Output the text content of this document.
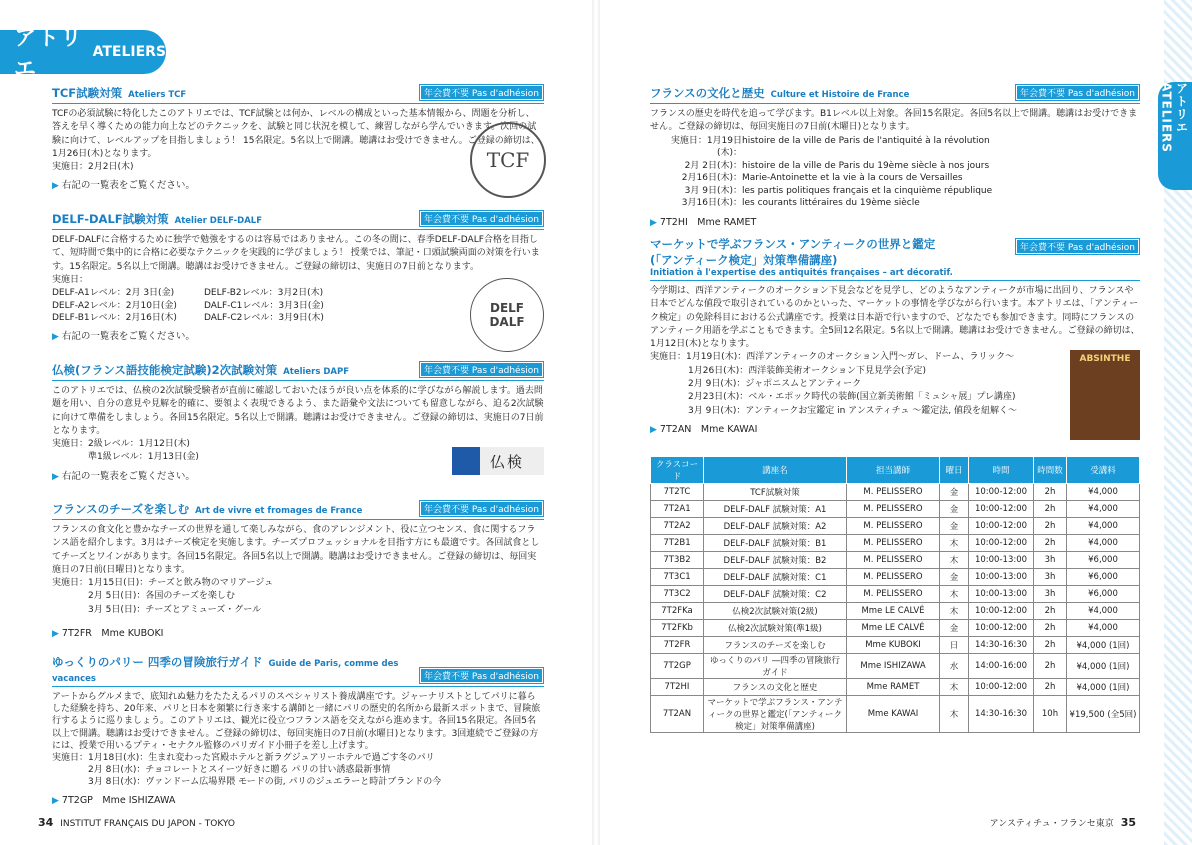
アトリエ
ATELIERS
TCF試験対策 Ateliers TCF	年会費不要 Pas d'adhésion
TCFの必須試験に特化したこのアトリエでは、TCF試験とは何か、レベルの構成といった基本情報から、問題を分析し、答えを早く導くための能力向上などのテクニックを、試験と同じ状況を模して、練習しながら学んでいきます。次回の試験に向けて、レベルアップを目指しましょう！ 15名限定。5名以上で開講。聴講はお受けできません。ご登録の締切は、1月26日(木)となります。
実施日：2月2日(木)
▶ 右記の一覧表をご覧ください。
TCF
DELF-DALF試験対策 Atelier DELF-DALF	年会費不要 Pas d'adhésion
DELF-DALFに合格するために独学で勉強をするのは容易ではありません。この冬の間に、春季DELF-DALF合格を目指して、短時間で集中的に合格に必要なテクニックを実践的に学びましょう！ 授業では、筆記・口頭試験両面の対策を行います。15名限定。5名以上で開講。聴講はお受けできません。ご登録の締切は、実施日の7日前となります。
実施日：
DELF-A1レベル：2月 3日(金)	DELF-B2レベル：3月2日(木)
DELF-A2レベル：2月10日(金)	DALF-C1レベル：3月3日(金)
DELF-B1レベル：2月16日(木)	DALF-C2レベル：3月9日(木)
▶ 右記の一覧表をご覧ください。
DELF DALF
仏検(フランス語技能検定試験)2次試験対策 Ateliers DAPF	年会費不要 Pas d'adhésion
このアトリエでは、仏検の2次試験受験者が直前に確認しておいたほうが良い点を体系的に学びながら解説します。過去問題を用い、自分の意見や見解を的確に、要領よく表現できるよう、また語彙や文法についても留意しながら、迫る2次試験に向けて準備をしましょう。各回15名限定。5名以上で開講。聴講はお受けできません。ご登録の締切は、実施日の7日前となります。
実施日：2級レベル：1月12日(木)
準1級レベル：1月13日(金)
▶ 右記の一覧表をご覧ください。
仏検
フランスのチーズを楽しむ Art de vivre et fromages de France	年会費不要 Pas d'adhésion
フランスの食文化と豊かなチーズの世界を通して楽しみながら、食のアレンジメント、役に立つセンス、食に関するフランス語を紹介します。3月はチーズ検定を実施します。チーズプロフェッショナルを目指す方にも最適です。各回試食としてチーズとワインがあります。各回15名限定。各回5名以上で開講。聴講はお受けできません。ご登録の締切は、毎回実施日の7日前(日曜日)となります。
実施日：1月15日(日)：チーズと飲み物のマリアージュ
2月 5日(日)：各国のチーズを楽しむ
3月 5日(日)：チーズとアミューズ・グール
▶ 7T2FR　Mme KUBOKI
ゆっくりのパリー 四季の冒険旅行ガイド Guide de Paris, comme des vacances	年会費不要 Pas d'adhésion
アートからグルメまで、底知れぬ魅力をたたえるパリのスペシャリスト養成講座です。ジャーナリストとしてパリに暮らした経験を持ち、20年来、パリと日本を頻繁に行き来する講師と一緒にパリの歴史的名所から最新スポットまで、冒険旅行するように巡りましょう。このアトリエは、観光に役立つフランス語を交えながら進めます。各回15名限定。各回5名以上で開講。聴講はお受けできません。ご登録の締切は、毎回実施日の7日前(水曜日)となります。3回連続でご登録の方には、授業で用いるプティ・セナクル監修のパリガイド小冊子を差し上げます。
実施日：1月18日(水)：生まれ変わった宮殿ホテルと新ラグジュアリーホテルで過ごす冬のパリ
2月 8日(水)：チョコレートとスイーツ好きに贈る パリの甘い誘惑最新事情
3月 8日(水)：ヴァンドーム広場界隈 モードの街, パリのジュエラーと時計ブランドの今
▶ 7T2GP　Mme ISHIZAWA
34 INSTITUT FRANÇAIS DU JAPON - TOKYO
アトリエ ATELIERS
フランスの文化と歴史 Culture et Histoire de France	年会費不要 Pas d'adhésion
フランスの歴史を時代を追って学びます。B1レベル以上対象。各回15名限定。各回5名以上で開講。聴講はお受けできません。ご登録の締切は、毎回実施日の7日前(木曜日)となります。
実施日：1月19日(木)：	histoire de la ville de Paris de l'antiquité à la révolution
2月 2日(木)：	histoire de la ville de Paris du 19ème siècle à nos jours
2月16日(木)：	Marie-Antoinette et la vie à la cours de Versailles
3月 9日(木)：	les partis politiques français et la cinquième république
3月16日(木)：	les courants littéraires du 19ème siècle
▶ 7T2HI　Mme RAMET
マーケットで学ぶフランス・アンティークの世界と鑑定
(「アンティーク検定」対策準備講座)
Initiation à l'expertise des antiquités françaises – art décoratif.
年会費不要 Pas d'adhésion
今学期は、西洋アンティークのオークション下見会などを見学し、どのようなアンティークが市場に出回り、フランスや日本でどんな値段で取引されているのかといった、マーケットの事情を学びながら行います。本アトリエは、「アンティーク検定」の免除科目における公式講座です。授業は日本語で行いますので、どなたでも参加できます。同時にフランスのアンティーク用語を学ぶこともできます。全5回12名限定。5名以上で開講。聴講はお受けできません。ご登録の締切は、1月12日(木)となります。
実施日：1月19日(木)：西洋アンティークのオークション入門〜ガレ、ドーム、ラリック〜
1月26日(木)：西洋装飾美術オークション下見見学会(予定)
2月 9日(木)：ジャポニスムとアンティーク
2月23日(木)：ベル・エポック時代の装飾(国立新美術館「ミュシャ展」プレ講座)
3月 9日(木)：アンティークお宝鑑定 in アンスティチュ 〜鑑定法, 値段を紐解く〜
▶ 7T2AN　Mme KAWAI
ABSINTHE
クラスコード	講座名	担当講師	曜日	時間	時間数	受講料
7T2TC	TCF試験対策	M. PELISSERO	金	10:00-12:00	2h	¥4,000
7T2A1	DELF-DALF 試験対策：A1	M. PELISSERO	金	10:00-12:00	2h	¥4,000
7T2A2	DELF-DALF 試験対策：A2	M. PELISSERO	金	10:00-12:00	2h	¥4,000
7T2B1	DELF-DALF 試験対策：B1	M. PELISSERO	木	10:00-12:00	2h	¥4,000
7T3B2	DELF-DALF 試験対策：B2	M. PELISSERO	木	10:00-13:00	3h	¥6,000
7T3C1	DELF-DALF 試験対策：C1	M. PELISSERO	金	10:00-13:00	3h	¥6,000
7T3C2	DELF-DALF 試験対策：C2	M. PELISSERO	木	10:00-13:00	3h	¥6,000
7T2FKa	仏検2次試験対策(2級)	Mme LE CALVÉ	木	10:00-12:00	2h	¥4,000
7T2FKb	仏検2次試験対策(準1級)	Mme LE CALVÉ	金	10:00-12:00	2h	¥4,000
7T2FR	フランスのチーズを楽しむ	Mme KUBOKI	日	14:30-16:30	2h	¥4,000 (1回)
7T2GP	ゆっくりのパリ ―四季の冒険旅行ガイド	Mme ISHIZAWA	水	14:00-16:00	2h	¥4,000 (1回)
7T2HI	フランスの文化と歴史	Mme RAMET	木	10:00-12:00	2h	¥4,000 (1回)
7T2AN	マーケットで学ぶフランス・アンティークの世界と鑑定(「アンティーク検定」対策準備講座)	Mme KAWAI	木	14:30-16:30	10h	¥19,500 (全5回)
アンスティチュ・フランセ東京 35
